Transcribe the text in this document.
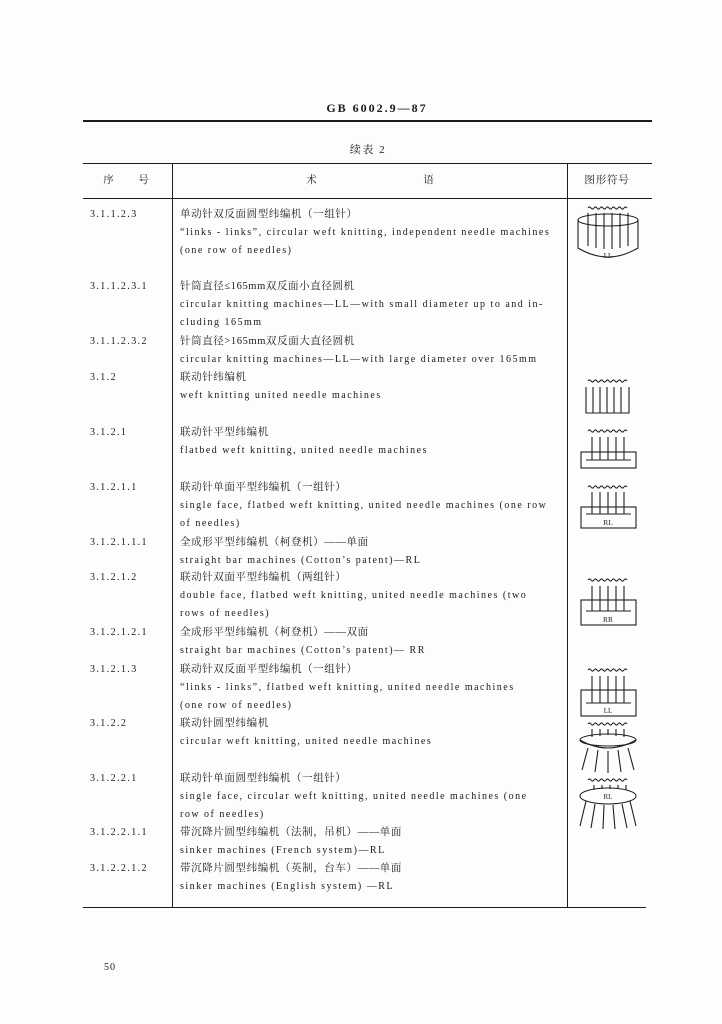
GB 6002.9—87
续表 2
序 号	术 语	图形符号
3.1.1.2.3	单动针双反面圆型纬编机（一组针）
“links - links”, circular weft knitting, independent needle machines
(one row of needles)
3.1.1.2.3.1	针筒直径≤165mm双反面小直径圆机
circular knitting machines—LL—with small diameter up to and in-
cluding 165mm
3.1.1.2.3.2	针筒直径>165mm双反面大直径圆机
circular knitting machines—LL—with large diameter over 165mm
3.1.2	联动针纬编机
weft knitting united needle machines
3.1.2.1	联动针平型纬编机
flatbed weft knitting, united needle machines
3.1.2.1.1	联动针单面平型纬编机（一组针）
single face, flatbed weft knitting, united needle machines (one row
of needles)
3.1.2.1.1.1	全成形平型纬编机（柯登机）——单面
straight bar machines (Cotton’s patent)—RL
3.1.2.1.2	联动针双面平型纬编机（两组针）
double face, flatbed weft knitting, united needle machines (two
rows of needles)
3.1.2.1.2.1	全成形平型纬编机（柯登机）——双面
straight bar machines (Cotton’s patent)— RR
3.1.2.1.3	联动针双反面平型纬编机（一组针）
“links - links”, flatbed weft knitting, united needle machines
(one row of needles)
3.1.2.2	联动针圆型纬编机
circular weft knitting, united needle machines
3.1.2.2.1	联动针单面圆型纬编机（一组针）
single face, circular weft knitting, united needle machines (one
row of needles)
3.1.2.2.1.1	带沉降片圆型纬编机（法制，吊机）——单面
sinker machines (French system)—RL
3.1.2.2.1.2	带沉降片圆型纬编机（英制，台车）——单面
sinker machines (English system) —RL
LL
RL
RR
LL
RL
50
